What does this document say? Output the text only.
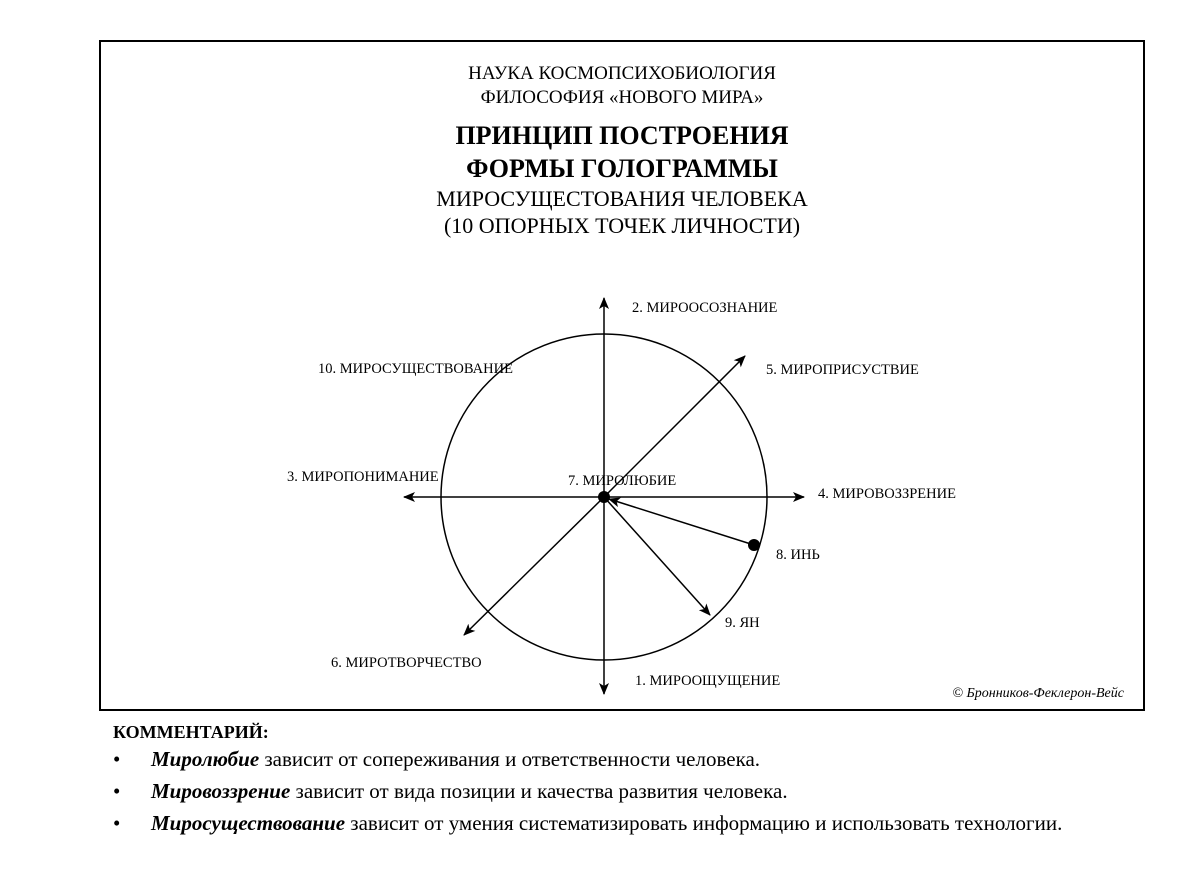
НАУКА КОСМОПСИХОБИОЛОГИЯ
ФИЛОСОФИЯ «НОВОГО МИРА»
ПРИНЦИП ПОСТРОЕНИЯ
ФОРМЫ ГОЛОГРАММЫ
МИРОСУЩЕСТОВАНИЯ ЧЕЛОВЕКА
(10 ОПОРНЫХ ТОЧЕК ЛИЧНОСТИ)
2. МИРООСОЗНАНИЕ
10. МИРОСУЩЕСТВОВАНИЕ	5. МИРОПРИСУСТВИЕ
3. МИРОПОНИМАНИЕ	7. МИРОЛЮБИЕ
4. МИРОВОЗЗРЕНИЕ
8. ИНЬ
9. ЯН
6. МИРОТВОРЧЕСТВО
1. МИРООЩУЩЕНИЕ
© Бронников-Феклерон-Вейс
КОММЕНТАРИЙ:
• Миролюбие зависит от сопереживания и ответственности человека.
• Мировоззрение зависит от вида позиции и качества развития человека.
• Миросуществование зависит от умения систематизировать информацию и использовать технологии.
